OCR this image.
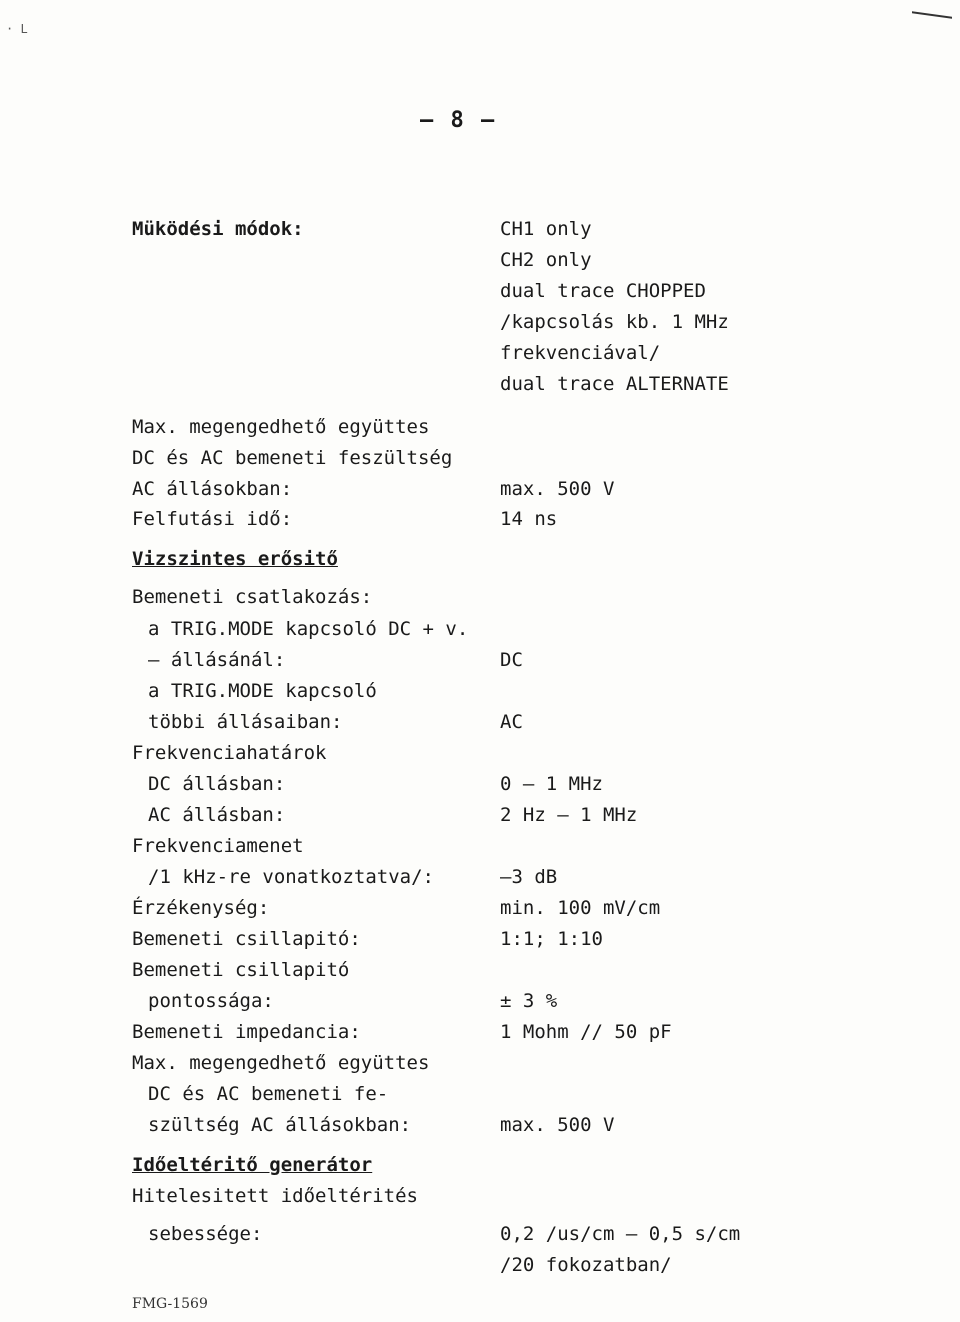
· L
– 8 –
Müködési módok:	CH1 only
CH2 only
dual trace CHOPPED
/kapcsolás kb. 1 MHz
frekvenciával/
dual trace ALTERNATE
Max. megengedhető együttes
DC és AC bemeneti feszültség
AC állásokban:	max. 500 V
Felfutási idő:	14 ns
Vizszintes erősitő
Bemeneti csatlakozás:
a TRIG.MODE kapcsoló DC + v.
– állásánál:	DC
a TRIG.MODE kapcsoló
többi állásaiban:	AC
Frekvenciahatárok
DC állásban:	0 – 1 MHz
AC állásban:	2 Hz – 1 MHz
Frekvenciamenet
/1 kHz-re vonatkoztatva/:	–3 dB
Érzékenység:	min. 100 mV/cm
Bemeneti csillapitó:	1:1; 1:10
Bemeneti csillapitó
pontossága:	± 3 %
Bemeneti impedancia:	1 Mohm // 50 pF
Max. megengedhető együttes
DC és AC bemeneti fe-
szültség AC állásokban:	max. 500 V
Időeltéritő generátor
Hitelesitett időeltérités
sebessége:	0,2 /us/cm – 0,5 s/cm
/20 fokozatban/
FMG-1569
